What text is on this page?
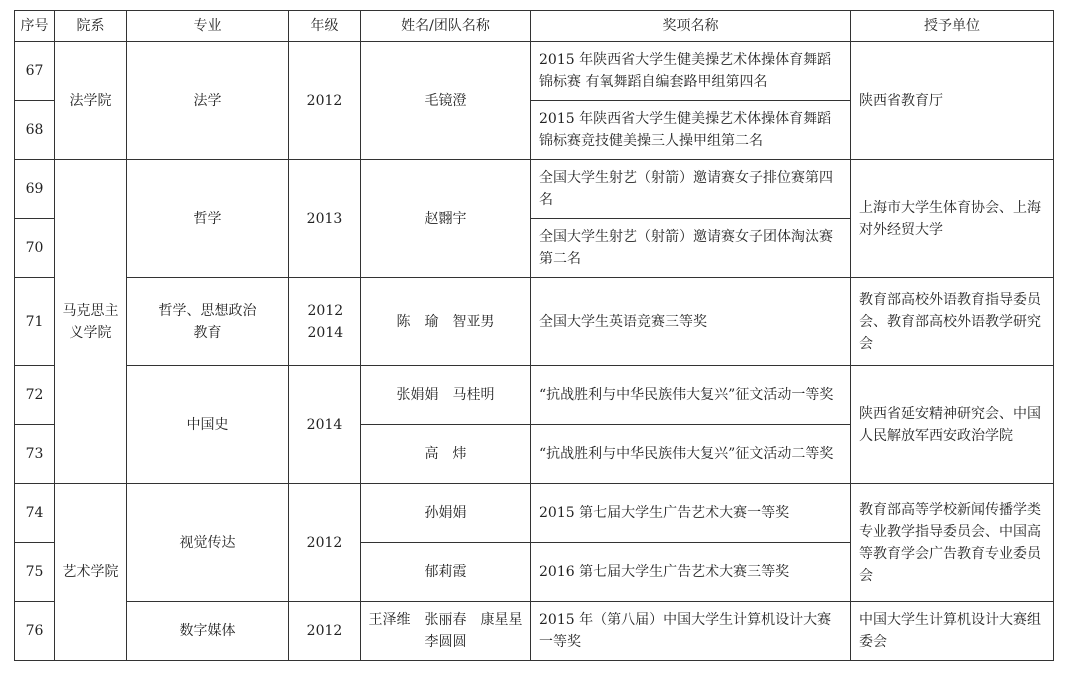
序号	院系	专业	年级	姓名/团队名称	奖项名称	授予单位
67	法学院	法学	2012	毛镜澄	2015 年陕西省大学生健美操艺术体操体育舞蹈锦标赛 有氧舞蹈自编套路甲组第四名	陕西省教育厅
68					2015 年陕西省大学生健美操艺术体操体育舞蹈锦标赛竞技健美操三人操甲组第二名	
69	马克思主义学院	哲学	2013	赵翾宇	全国大学生射艺（射箭）邀请赛女子排位赛第四名	上海市大学生体育协会、上海对外经贸大学
70					全国大学生射艺（射箭）邀请赛女子团体淘汰赛第二名	
71		哲学、思想政治教育	2012 2014	陈　瑜　智亚男	全国大学生英语竞赛三等奖	教育部高校外语教育指导委员会、教育部高校外语教学研究会
72		中国史	2014	张娟娟　马桂明	“抗战胜利与中华民族伟大复兴”征文活动一等奖	陕西省延安精神研究会、中国人民解放军西安政治学院
73				高　炜	“抗战胜利与中华民族伟大复兴”征文活动二等奖	
74	艺术学院	视觉传达	2012	孙娟娟	2015 第七届大学生广告艺术大赛一等奖	教育部高等学校新闻传播学类专业教学指导委员会、中国高等教育学会广告教育专业委员会
75				郁莉霞	2016 第七届大学生广告艺术大赛三等奖	
76		数字媒体	2012	王泽维　张丽春　康星星 李圆圆	2015 年（第八届）中国大学生计算机设计大赛一等奖	中国大学生计算机设计大赛组委会
